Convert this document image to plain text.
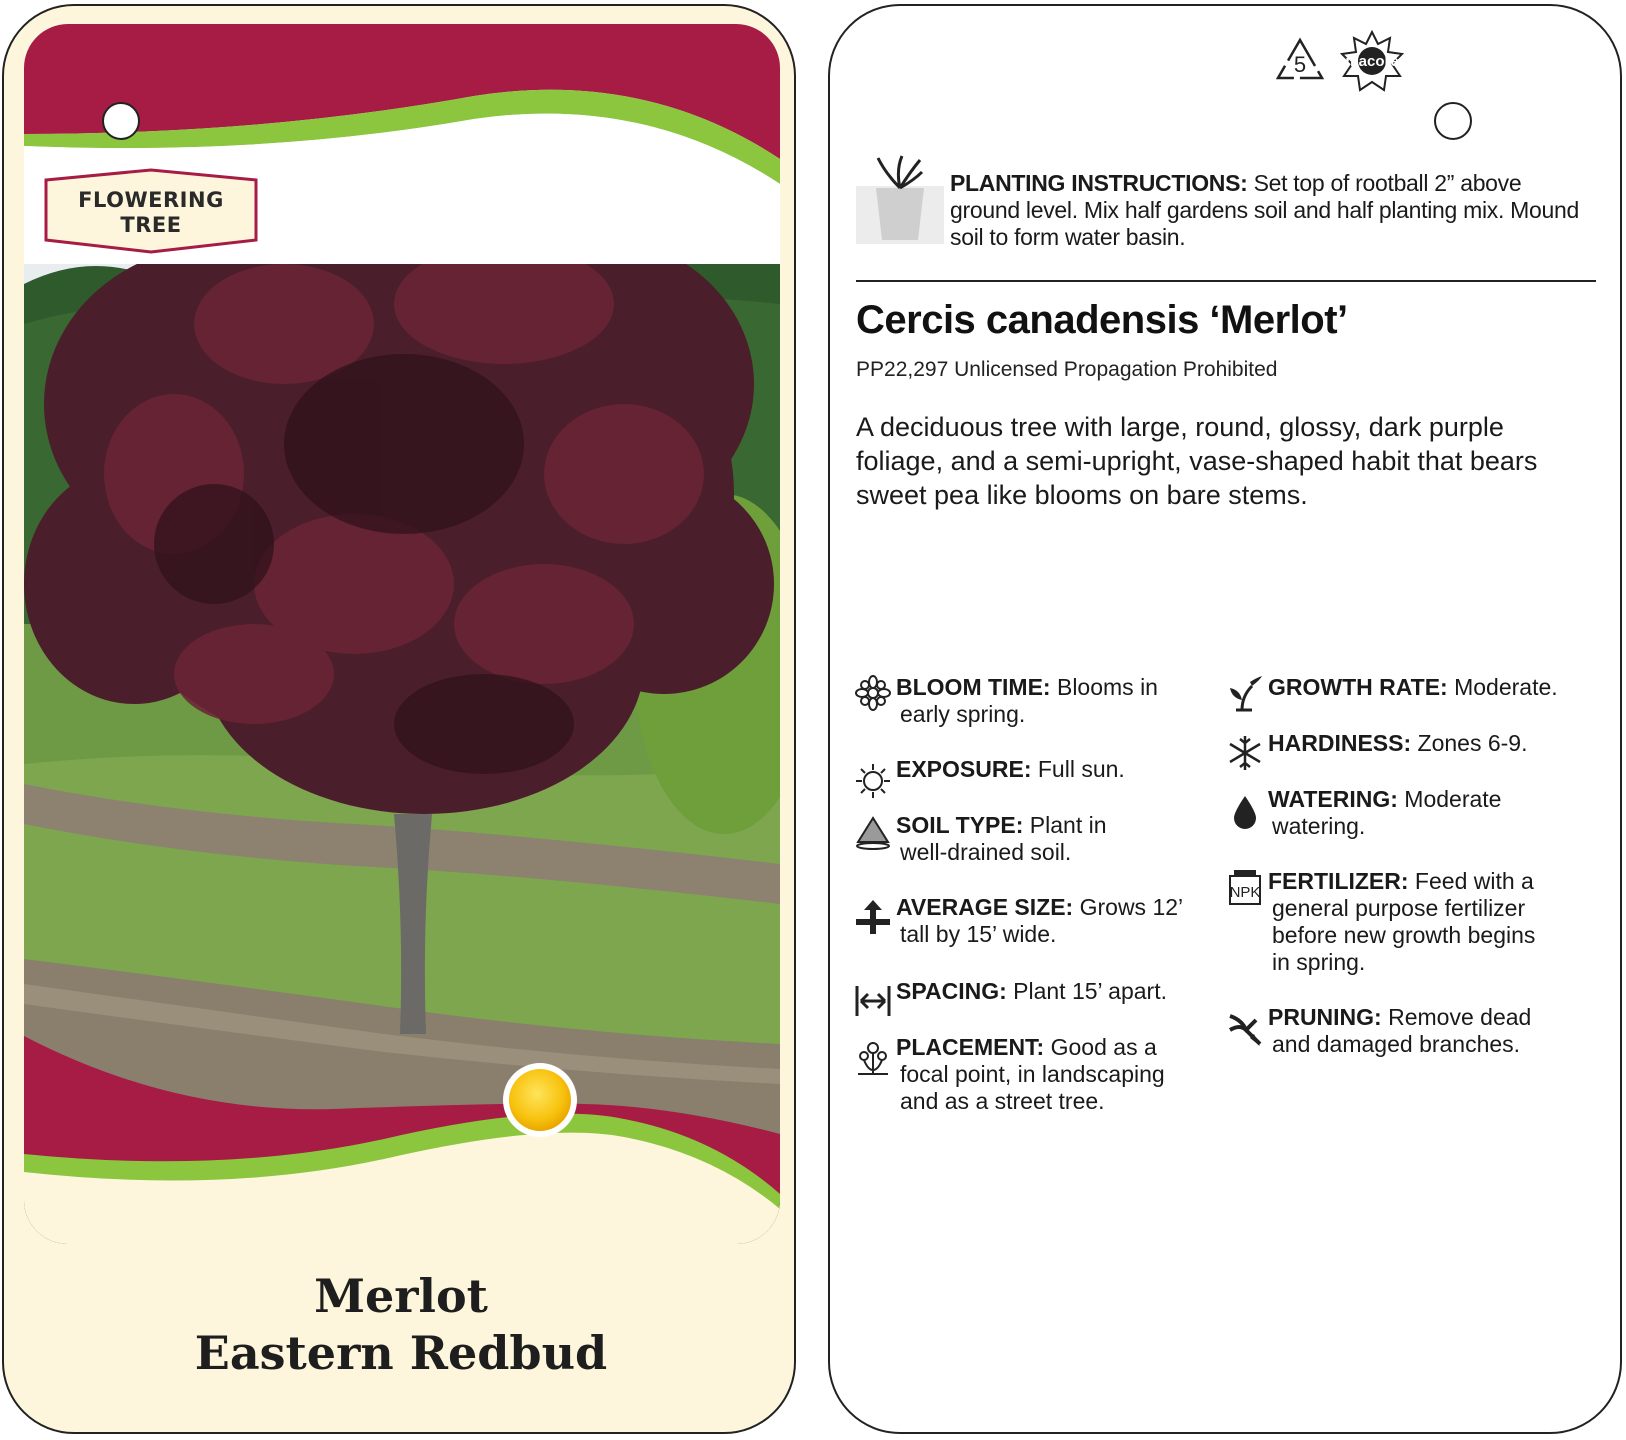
FLOWERING
TREE
Merlot
Eastern Redbud
5	macore
PLANTING INSTRUCTIONS: Set top of rootball 2” above ground level. Mix half gardens soil and half planting mix. Mound soil to form water basin.
Cercis canadensis ‘Merlot’
PP22,297 Unlicensed Propagation Prohibited
A deciduous tree with large, round, glossy, dark purple foliage, and a semi-upright, vase-shaped habit that bears sweet pea like blooms on bare stems.
BLOOM TIME: Blooms in
early spring.
EXPOSURE: Full sun.
SOIL TYPE: Plant in
well-drained soil.
AVERAGE SIZE: Grows 12’
tall by 15’ wide.
SPACING: Plant 15’ apart.
PLACEMENT: Good as a
focal point, in landscaping
and as a street tree.
GROWTH RATE: Moderate.
HARDINESS: Zones 6-9.
WATERING: Moderate
watering.
NPK FERTILIZER: Feed with a
general purpose fertilizer
before new growth begins
in spring.
PRUNING: Remove dead
and damaged branches.
